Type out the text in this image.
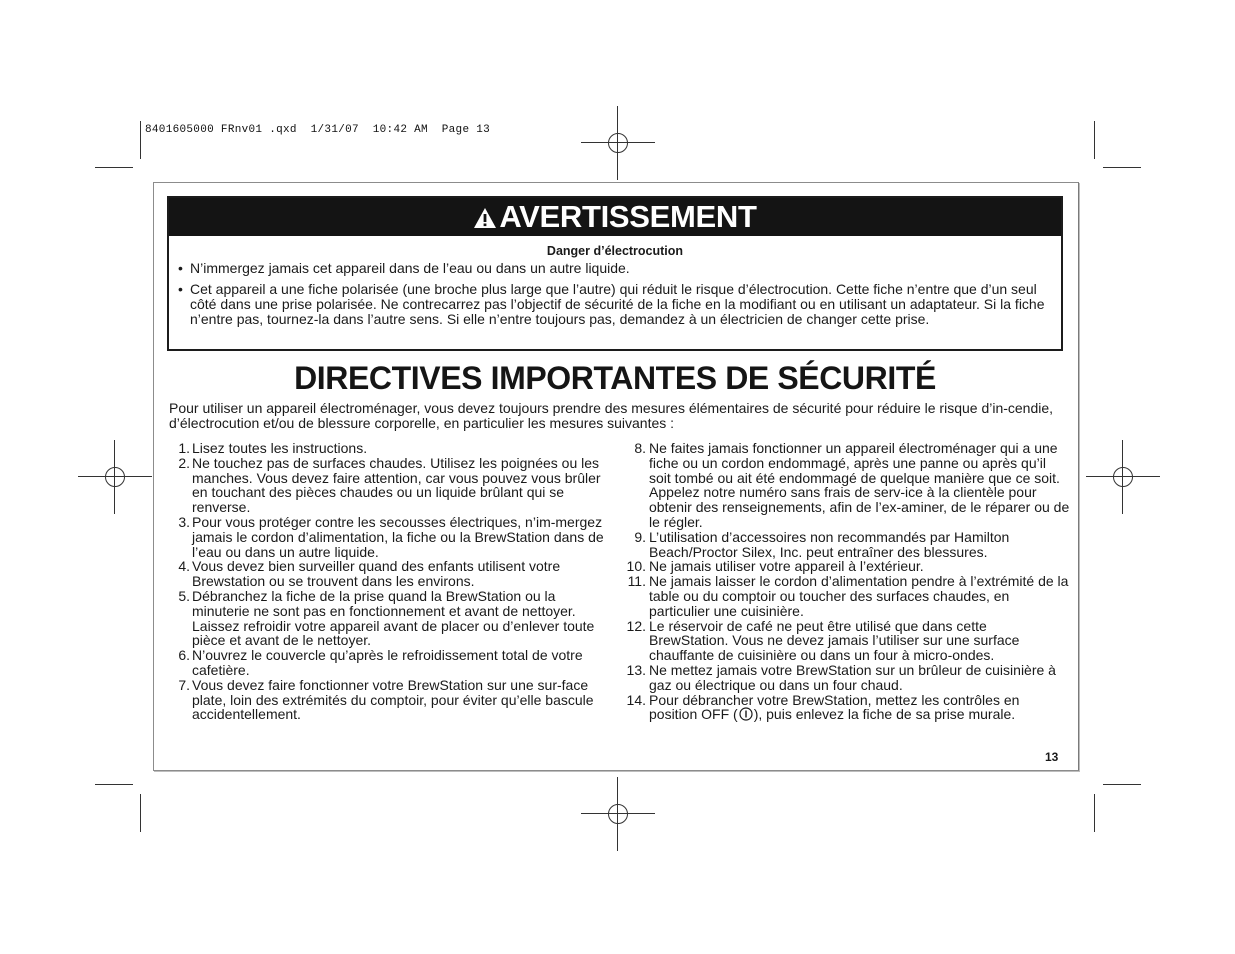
8401605000 FRnv01 .qxd  1/31/07  10:42 AM  Page 13
AVERTISSEMENT
Danger d’électrocution
• N’immergez jamais cet appareil dans de l’eau ou dans un autre liquide.
• Cet appareil a une fiche polarisée (une broche plus large que l’autre) qui réduit le risque d’électrocution. Cette fiche n’entre que d’un seul côté dans une prise polarisée. Ne contrecarrez pas l’objectif de sécurité de la fiche en la modifiant ou en utilisant un adaptateur. Si la fiche n’entre pas, tournez-la dans l’autre sens. Si elle n’entre toujours pas, demandez à un électricien de changer cette prise.
DIRECTIVES IMPORTANTES DE SÉCURITÉ
Pour utiliser un appareil électroménager, vous devez toujours prendre des mesures élémentaires de sécurité pour réduire le risque d’in-cendie, d’électrocution et/ou de blessure corporelle, en particulier les mesures suivantes :
1. Lisez toutes les instructions.
2. Ne touchez pas de surfaces chaudes. Utilisez les poignées ou les manches. Vous devez faire attention, car vous pouvez vous brûler en touchant des pièces chaudes ou un liquide brûlant qui se renverse.
3. Pour vous protéger contre les secousses électriques, n’im-mergez jamais le cordon d’alimentation, la fiche ou la BrewStation dans de l’eau ou dans un autre liquide.
4. Vous devez bien surveiller quand des enfants utilisent votre Brewstation ou se trouvent dans les environs.
5. Débranchez la fiche de la prise quand la BrewStation ou la minuterie ne sont pas en fonctionnement et avant de nettoyer. Laissez refroidir votre appareil avant de placer ou d’enlever toute pièce et avant de le nettoyer.
6. N’ouvrez le couvercle qu’après le refroidissement total de votre cafetière.
7. Vous devez faire fonctionner votre BrewStation sur une sur-face plate, loin des extrémités du comptoir, pour éviter qu’elle bascule accidentellement.
8. Ne faites jamais fonctionner un appareil électroménager qui a une fiche ou un cordon endommagé, après une panne ou après qu’il soit tombé ou ait été endommagé de quelque manière que ce soit. Appelez notre numéro sans frais de serv-ice à la clientèle pour obtenir des renseignements, afin de l’ex-aminer, de le réparer ou de le régler.
9. L’utilisation d’accessoires non recommandés par Hamilton Beach/Proctor Silex, Inc. peut entraîner des blessures.
10. Ne jamais utiliser votre appareil à l’extérieur.
11. Ne jamais laisser le cordon d’alimentation pendre à l’extrémité de la table ou du comptoir ou toucher des surfaces chaudes, en particulier une cuisinière.
12. Le réservoir de café ne peut être utilisé que dans cette BrewStation. Vous ne devez jamais l’utiliser sur une surface chauffante de cuisinière ou dans un four à micro-ondes.
13. Ne mettez jamais votre BrewStation sur un brûleur de cuisinière à gaz ou électrique ou dans un four chaud.
14. Pour débrancher votre BrewStation, mettez les contrôles en position OFF ( ), puis enlevez la fiche de sa prise murale.
13
